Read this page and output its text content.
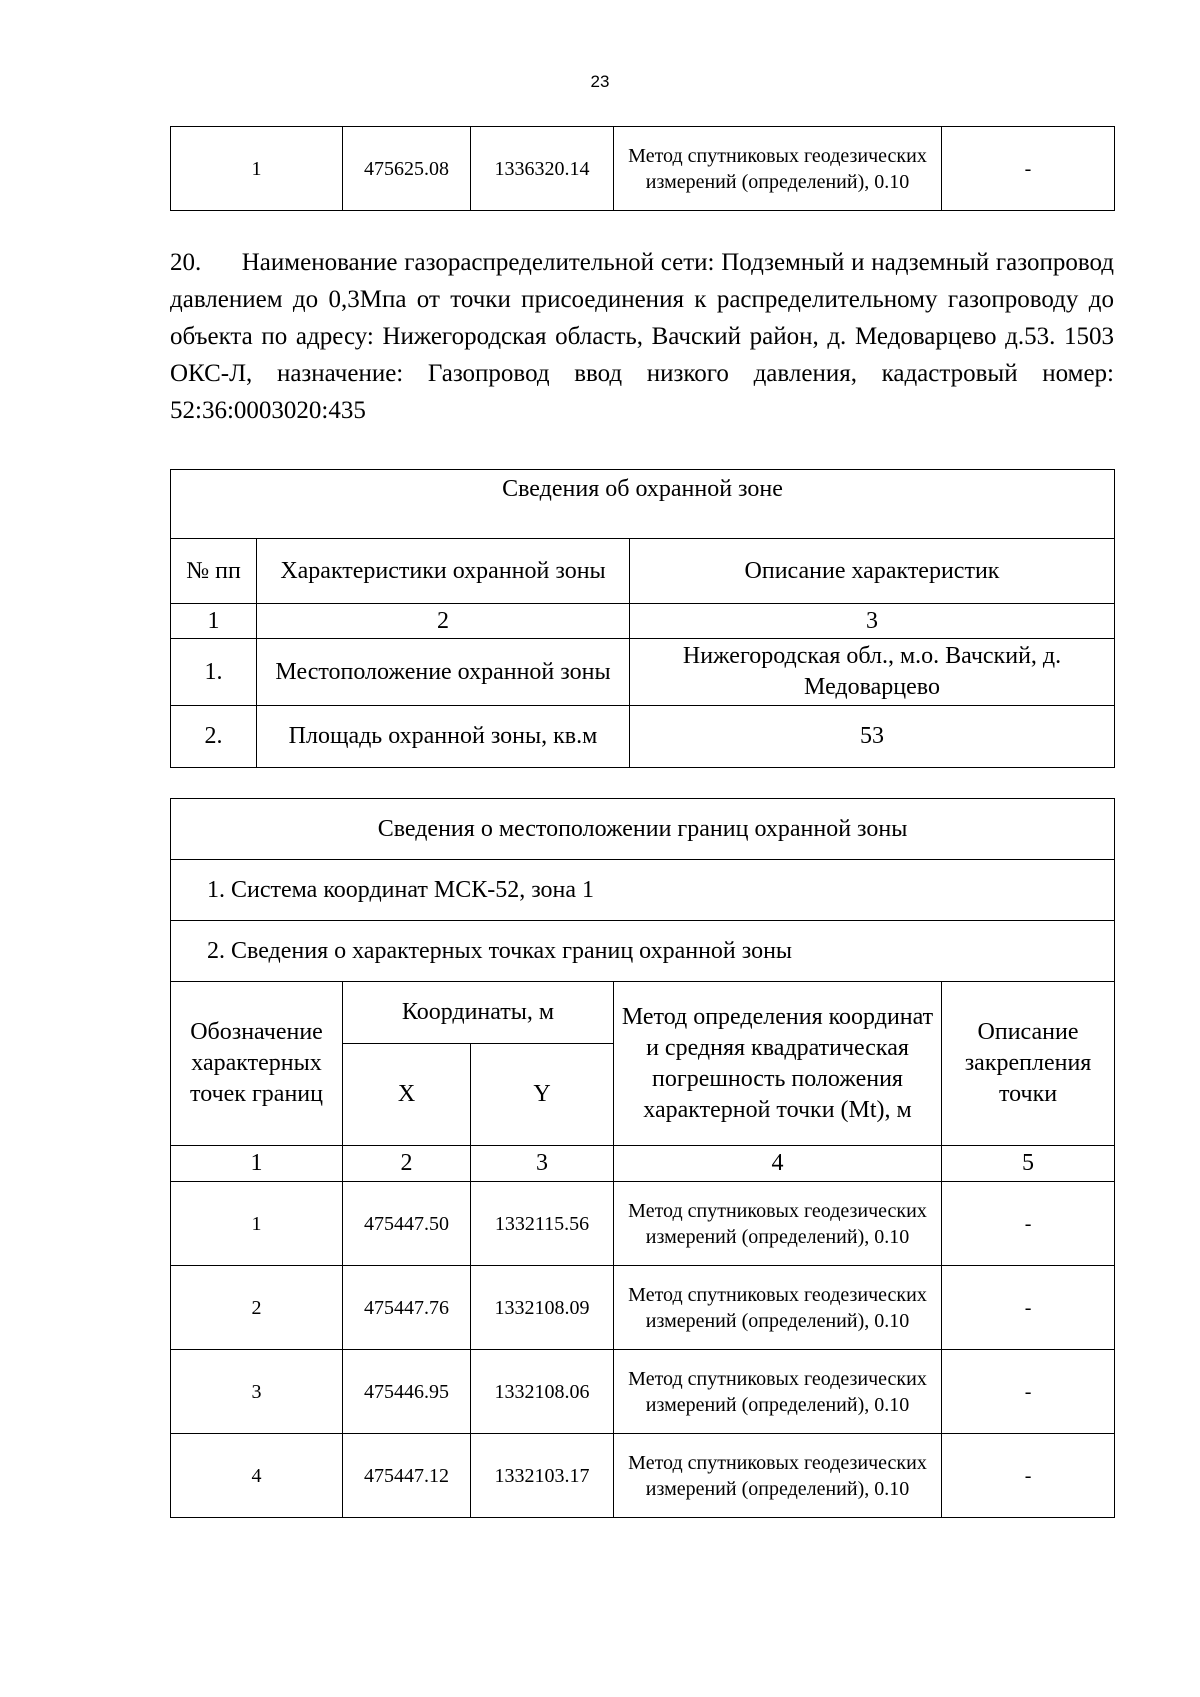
23
1	475625.08	1336320.14	Метод спутниковых геодезических измерений (определений), 0.10	-

20.      Наименование газораспределительной сети: Подземный и надземный газопровод давлением до 0,3Мпа от точки присоединения к распределительному газопроводу до объекта по адресу: Нижегородская область, Вачский район, д. Медоварцево д.53. 1503 ОКС-Л, назначение: Газопровод ввод низкого давления, кадастровый номер: 52:36:0003020:435

Сведения об охранной зоне		
№ пп	Характеристики охранной зоны	Описание характеристик
1	2	3
1.	Местоположение охранной зоны	Нижегородская обл., м.о. Вачский, д. Медоварцево
2.	Площадь охранной зоны, кв.м	53
Сведения о местоположении границ охранной зоны				
1. Система координат МСК-52, зона 1				
2. Сведения о характерных точках границ охранной зоны				
Обозначение характерных точек границ	Координаты, м		Метод определения координат и средняя квадратическая погрешность положения характерной точки (Mt), м	Описание закрепления точки
	X	Y		
1	2	3	4	5
1	475447.50	1332115.56	Метод спутниковых геодезических измерений (определений), 0.10	-
2	475447.76	1332108.09	Метод спутниковых геодезических измерений (определений), 0.10	-
3	475446.95	1332108.06	Метод спутниковых геодезических измерений (определений), 0.10	-
4	475447.12	1332103.17	Метод спутниковых геодезических измерений (определений), 0.10	-
